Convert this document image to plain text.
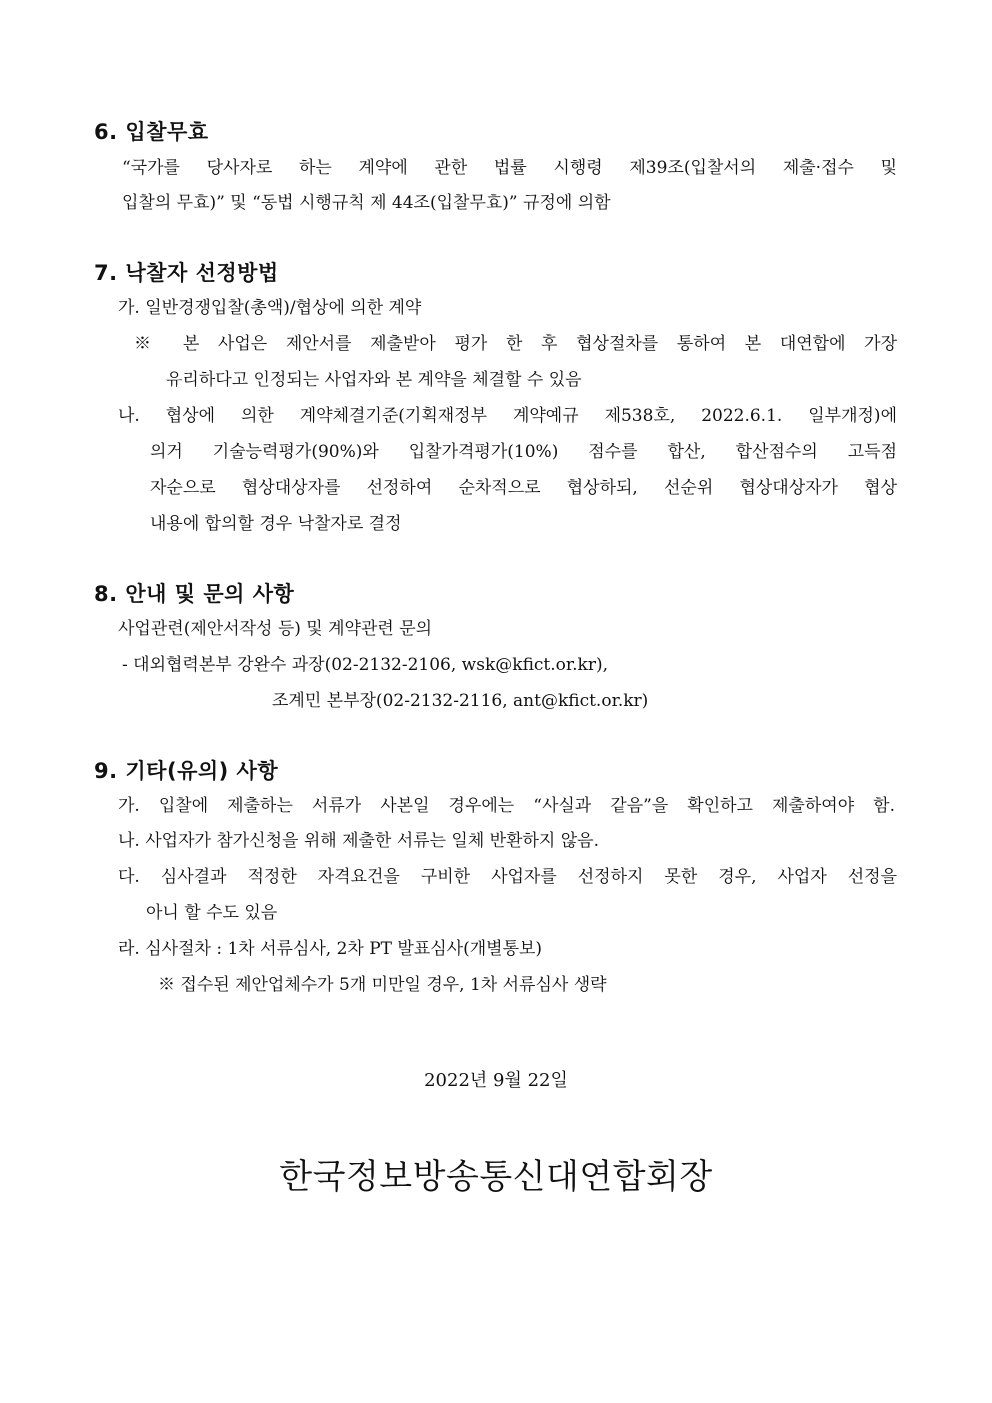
6. 입찰무효
“국가를 당사자로 하는 계약에 관한 법률 시행령 제39조(입찰서의 제출·접수 및
입찰의 무효)” 및 “동법 시행규칙 제 44조(입찰무효)” 규정에 의함
7. 낙찰자 선정방법
가. 일반경쟁입찰(총액)/협상에 의한 계약
※ 본 사업은 제안서를 제출받아 평가 한 후 협상절차를 통하여 본 대연합에 가장
유리하다고 인정되는 사업자와 본 계약을 체결할 수 있음
나. 협상에 의한 계약체결기준(기획재정부 계약예규 제538호, 2022.6.1. 일부개정)에
의거 기술능력평가(90%)와 입찰가격평가(10%) 점수를 합산, 합산점수의 고득점
자순으로 협상대상자를 선정하여 순차적으로 협상하되, 선순위 협상대상자가 협상
내용에 합의할 경우 낙찰자로 결정
8. 안내 및 문의 사항
사업관련(제안서작성 등) 및 계약관련 문의
- 대외협력본부 강완수 과장(02-2132-2106, wsk@kfict.or.kr),
조계민 본부장(02-2132-2116, ant@kfict.or.kr)
9. 기타(유의) 사항
가. 입찰에 제출하는 서류가 사본일 경우에는 “사실과 같음”을 확인하고 제출하여야 함.
나. 사업자가 참가신청을 위해 제출한 서류는 일체 반환하지 않음.
다. 심사결과 적정한 자격요건을 구비한 사업자를 선정하지 못한 경우, 사업자 선정을
아니 할 수도 있음
라. 심사절차 : 1차 서류심사, 2차 PT 발표심사(개별통보)
※ 접수된 제안업체수가 5개 미만일 경우, 1차 서류심사 생략
2022년 9월 22일
한국정보방송통신대연합회장
